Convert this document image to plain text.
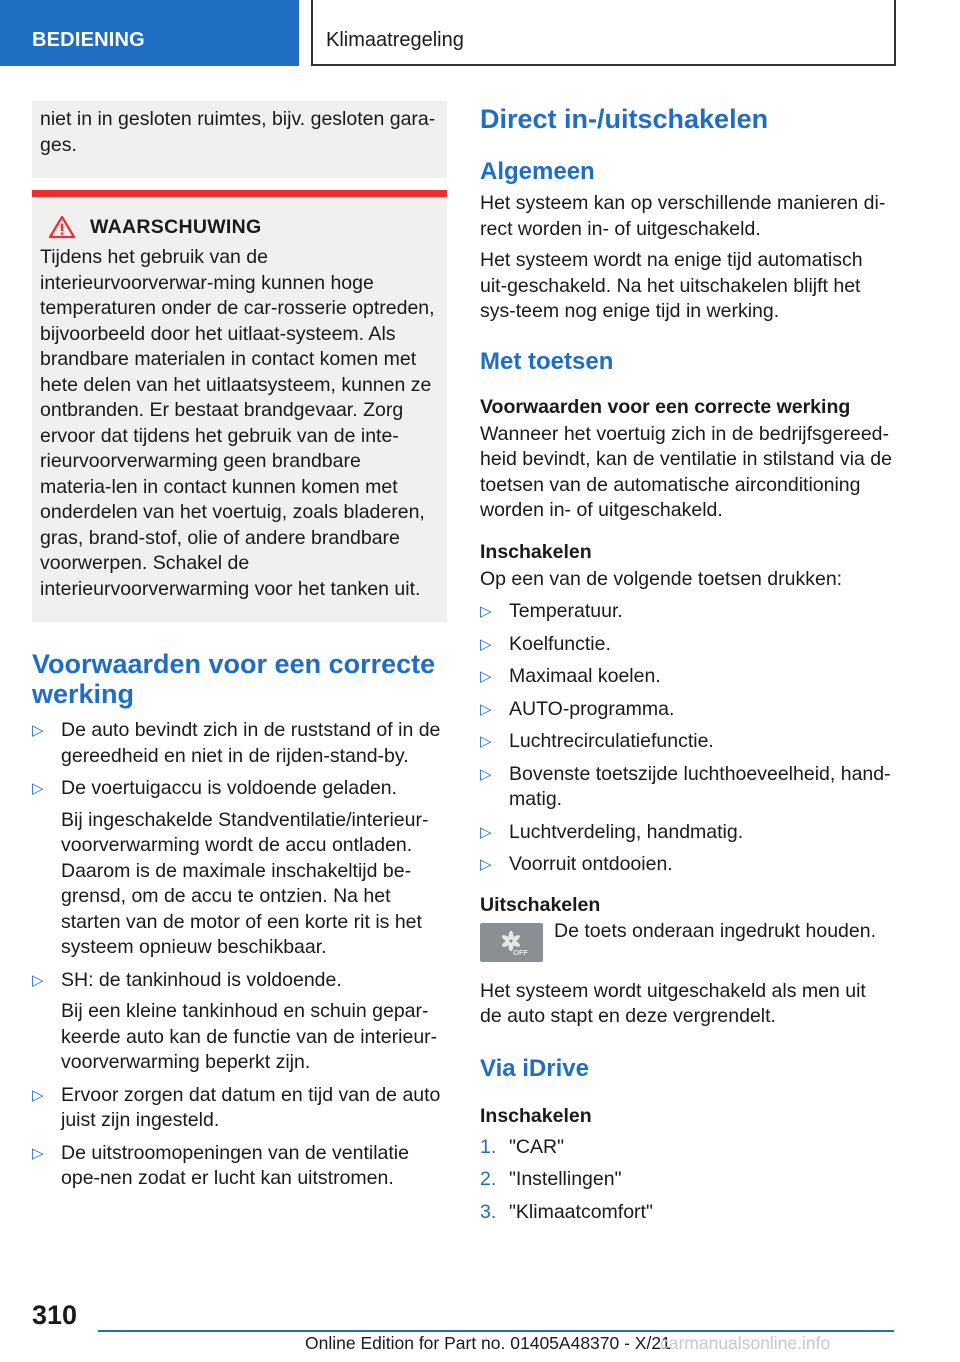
BEDIENING	Klimaatregeling
niet in in gesloten ruimtes, bijv. gesloten gara-ges.
WAARSCHUWING
Tijdens het gebruik van de interieurvoorverwar-ming kunnen hoge temperaturen onder de car-rosserie optreden, bijvoorbeeld door het uitlaat-systeem. Als brandbare materialen in contact komen met hete delen van het uitlaatsysteem, kunnen ze ontbranden. Er bestaat brandgevaar. Zorg ervoor dat tijdens het gebruik van de inte-rieurvoorverwarming geen brandbare materia-len in contact kunnen komen met onderdelen van het voertuig, zoals bladeren, gras, brand-stof, olie of andere brandbare voorwerpen. Schakel de interieurvoorverwarming voor het tanken uit.
Voorwaarden voor een correcte werking
▷ De auto bevindt zich in de ruststand of in de gereedheid en niet in de rijden-stand-by.
▷ De voertuigaccu is voldoende geladen.
Bij ingeschakelde Standventilatie/interieur-voorverwarming wordt de accu ontladen. Daarom is de maximale inschakeltijd be-grensd, om de accu te ontzien. Na het starten van de motor of een korte rit is het systeem opnieuw beschikbaar.
▷ SH: de tankinhoud is voldoende.
Bij een kleine tankinhoud en schuin gepar-keerde auto kan de functie van de interieur-voorverwarming beperkt zijn.
▷ Ervoor zorgen dat datum en tijd van de auto juist zijn ingesteld.
▷ De uitstroomopeningen van de ventilatie ope-nen zodat er lucht kan uitstromen.
Direct in-/uitschakelen
Algemeen
Het systeem kan op verschillende manieren di-rect worden in- of uitgeschakeld.
Het systeem wordt na enige tijd automatisch uit-geschakeld. Na het uitschakelen blijft het sys-teem nog enige tijd in werking.
Met toetsen
Voorwaarden voor een correcte werking
Wanneer het voertuig zich in de bedrijfsgereed-heid bevindt, kan de ventilatie in stilstand via de toetsen van de automatische airconditioning worden in- of uitgeschakeld.
Inschakelen
Op een van de volgende toetsen drukken:
▷ Temperatuur.
▷ Koelfunctie.
▷ Maximaal koelen.
▷ AUTO-programma.
▷ Luchtrecirculatiefunctie.
▷ Bovenste toetszijde luchthoeveelheid, hand-matig.
▷ Luchtverdeling, handmatig.
▷ Voorruit ontdooien.
Uitschakelen
OFF
De toets onderaan ingedrukt houden.
Het systeem wordt uitgeschakeld als men uit de auto stapt en deze vergrendelt.
Via iDrive
Inschakelen
1. "CAR"
2. "Instellingen"
3. "Klimaatcomfort"
310
Online Edition for Part no. 01405A48370 - X/21
carmanualsonline.info
